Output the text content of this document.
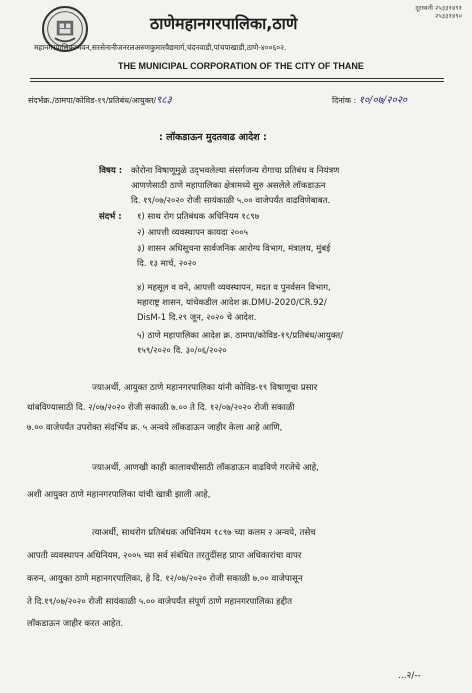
दूरध्वनी २५३३१४९१
२५३३१४९०
ठाणेमहानगरपालिका,ठाणे
महानगरपालिकाभवन,सरसेनानीजनरलअरुणकुमारवैद्यमार्ग,चंदनवाडी,पांचपाखाडी,ठाणे-४००६०२.
THE MUNICIPAL CORPORATION OF THE CITY OF THANE
संदर्भक्र./ठामपा/कोविड-१९/प्रतिबंध/आयुक्त/९८३	दिनांक : १०/०७/२०२०
: लॉकडाऊन मुदतवाढ आदेश :
विषय : कोरोना विषाणूमुळे उद्‌भवलेल्या संसर्गजन्य रोगाचा प्रतिबंध व नियंत्रण
आणणेसाठी ठाणे महापालिका क्षेत्रामध्ये सुरु असलेले लॉकडाऊन
दि. १९/०७/२०२० रोजी सायंकाळी ५.०० वाजेपर्यंत वाढविणेबाबत.
संदर्भ : १) साथ रोग प्रतिबंधक अधिनियम १८९७
२) आपत्ती व्यवस्थापन कायदा २००५
३) शासन अधिसूचना सार्वजनिक आरोग्य विभाग, मंत्रालय, मुंबई
दि. १३ मार्च, २०२०
४) महसूल व वने, आपत्ती व्यवस्थापन, मदत व पुनर्वसन विभाग,
महाराष्ट्र शासन, यांचेकडील आदेश क्र.DMU-2020/CR.92/
DisM-1 दि.२९ जून, २०२० चे आदेश.
५) ठाणे महापालिका आदेश क्र. ठामपा/कोविड-१९/प्रतिबंध/आयुक्त/
१५९/२०२० दि. ३०/०६/२०२०
ज्याअर्थी, आयुक्त ठाणे महानगरपालिका यांनी कोविड-१९ विषाणूचा प्रसार
थांबविण्यासाठी दि. २/०७/२०२० रोजी सकाळी ७.०० ते दि. १२/०७/२०२० रोजी सकाळी
७.०० वाजेपर्यंत उपरोक्त संदर्भिय क्र. ५ अन्वये लॉकडाऊन जाहीर केला आहे आणि,
ज्याअर्थी, आणखी काही कालावधीसाठी लॉकडाऊन वाढविणे गरजेचे आहे,
अशी आयुक्त ठाणे महानगरपालिका यांची खात्री झाली आहे,
त्याअर्थी, साथरोग प्रतिबंधक अधिनियम १८९७ च्या कलम २ अन्वये, तसेच
आपती व्यवस्थापन अधिनियम, २००५ च्या सर्व संबंधित तरतुदींसह प्राप्त अधिकारांचा वापर
करुन, आयुक्त ठाणे महानगरपालिका, हे दि. १२/०७/२०२० रोजी सकाळी ७.०० वाजेपासून
ते दि.१९/०७/२०२० रोजी सायंकाळी ५.०० वाजेपर्यंत संपूर्ण ठाणे महानगरपालिका हद्दीत
लॉकडाऊन जाहीर करत आहेत.
...२/--
